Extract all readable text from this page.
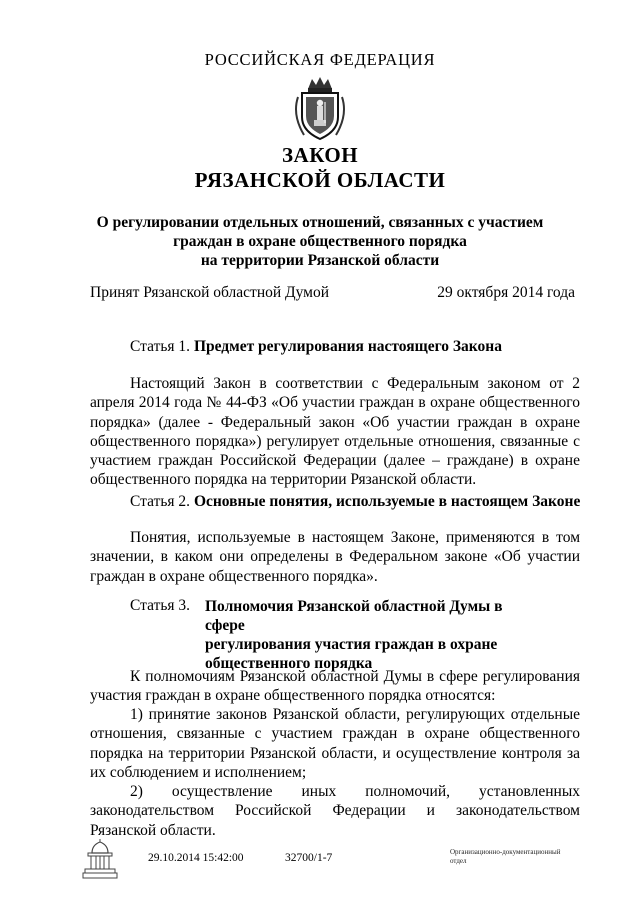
РОССИЙСКАЯ ФЕДЕРАЦИЯ

ЗАКОН
РЯЗАНСКОЙ ОБЛАСТИ
О регулировании отдельных отношений, связанных с участием
граждан в охране общественного порядка
на территории Рязанской области
Принят Рязанской областной Думой	29 октября 2014 года
Статья 1. Предмет регулирования настоящего Закона

Настоящий Закон в соответствии с Федеральным законом от 2 апреля 2014 года № 44-ФЗ «Об участии граждан в охране общественного порядка» (далее - Федеральный закон «Об участии граждан в охране общественного порядка») регулирует отдельные отношения, связанные с участием граждан Российской Федерации (далее – граждане) в охране общественного порядка на территории Рязанской области.

Статья 2. Основные понятия, используемые в настоящем Законе

Понятия, используемые в настоящем Законе, применяются в том значении, в каком они определены в Федеральном законе «Об участии граждан в охране общественного порядка».

Статья 3. Полномочия Рязанской областной Думы в сфере
регулирования участия граждан в охране
общественного порядка

К полномочиям Рязанской областной Думы в сфере регулирования участия граждан в охране общественного порядка относятся:

1) принятие законов Рязанской области, регулирующих отдельные отношения, связанные с участием граждан в охране общественного порядка на территории Рязанской области, и осуществление контроля за их соблюдением и исполнением;

2) осуществление иных полномочий, установленных законодательством Российской Федерации и законодательством Рязанской области.

29.10.2014 15:42:00	32700/1-7	Организационно-документационный
отдел
